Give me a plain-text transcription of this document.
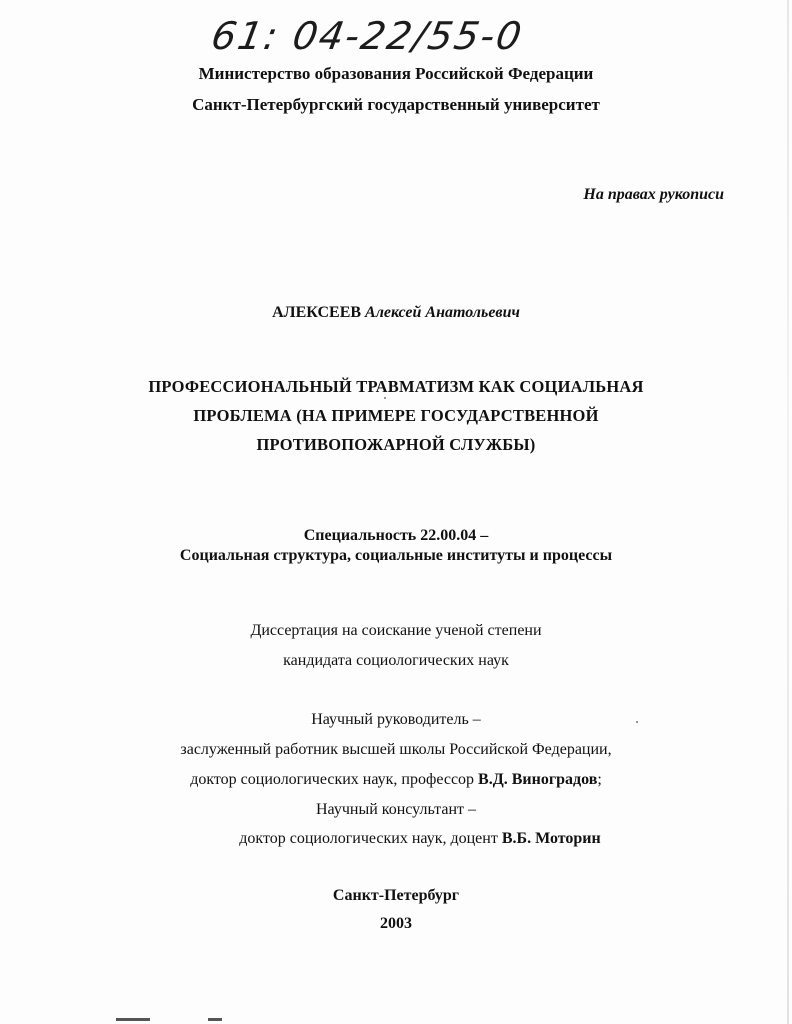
61: 04-22/55-0
Министерство образования Российской Федерации
Санкт-Петербургский государственный университет
На правах рукописи
АЛЕКСЕЕВ Алексей Анатольевич
ПРОФЕССИОНАЛЬНЫЙ ТРАВМАТИЗМ КАК СОЦИАЛЬНАЯ
ПРОБЛЕМА (НА ПРИМЕРЕ ГОСУДАРСТВЕННОЙ
ПРОТИВОПОЖАРНОЙ СЛУЖБЫ)
Специальность 22.00.04 –
Социальная структура, социальные институты и процессы
Диссертация на соискание ученой степени
кандидата социологических наук
Научный руководитель –
заслуженный работник высшей школы Российской Федерации,
доктор социологических наук, профессор В.Д. Виноградов;
Научный консультант –
доктор социологических наук, доцент В.Б. Моторин
Санкт-Петербург
2003
